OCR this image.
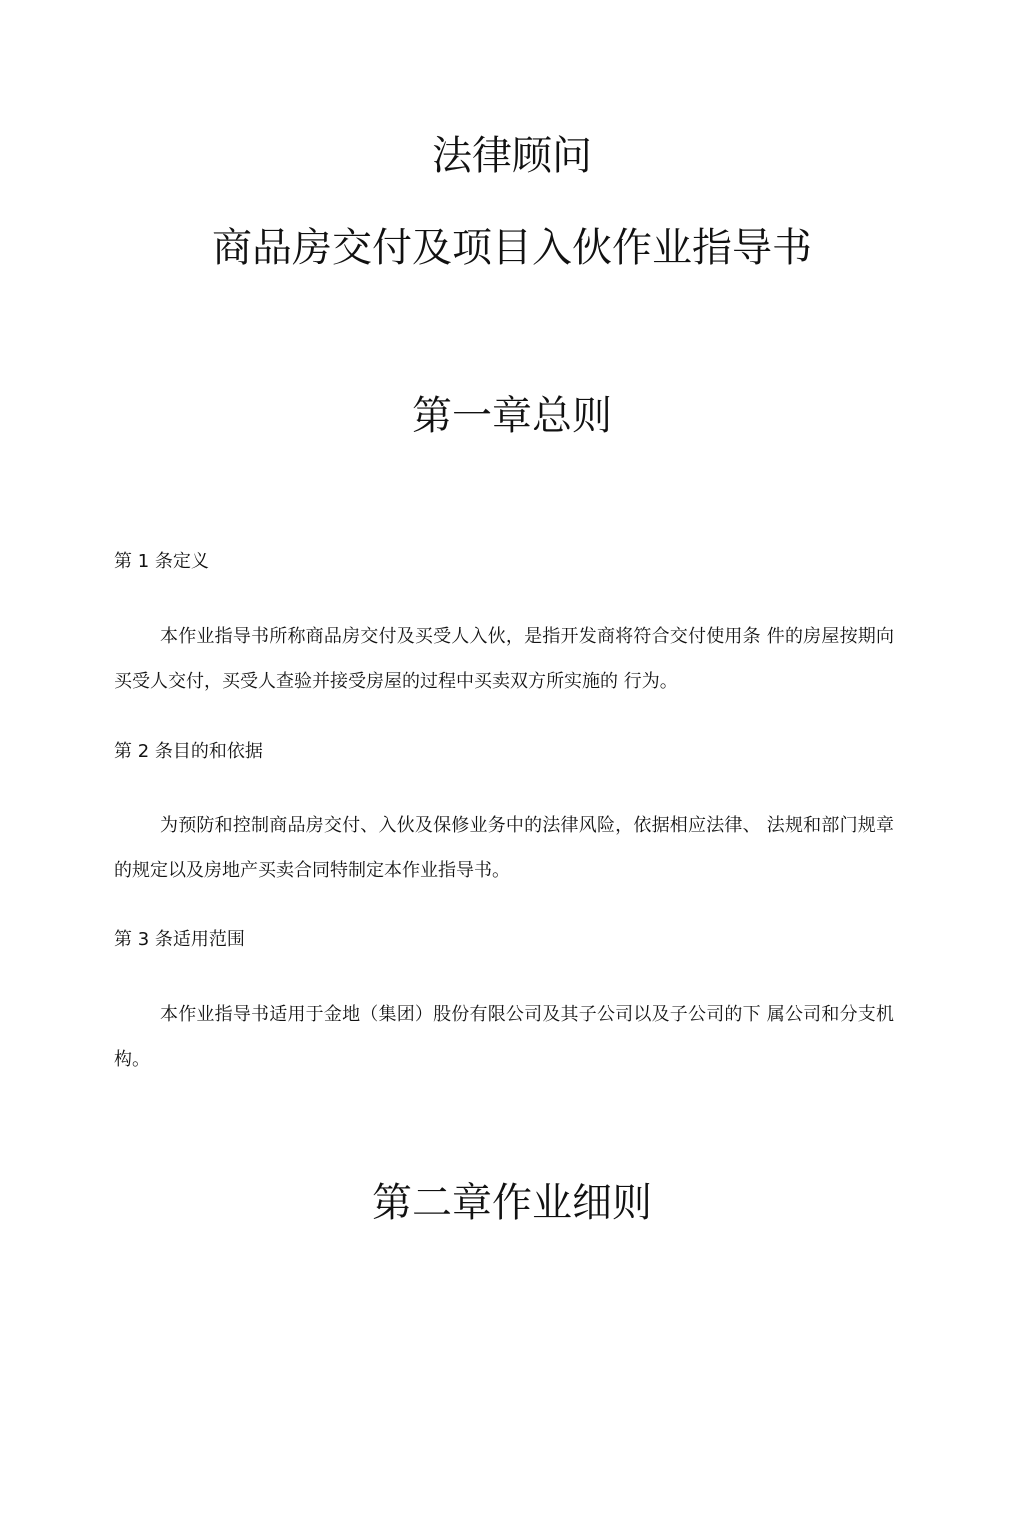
法律顾问
商品房交付及项目入伙作业指导书
第一章总则

第 1 条定义

本作业指导书所称商品房交付及买受人入伙，是指开发商将符合交付使用条 件的房屋按期向买受人交付，买受人查验并接受房屋的过程中买卖双方所实施的 行为。

第 2 条目的和依据

为预防和控制商品房交付、入伙及保修业务中的法律风险，依据相应法律、 法规和部门规章的规定以及房地产买卖合同特制定本作业指导书。

第 3 条适用范围

本作业指导书适用于金地（集团）股份有限公司及其子公司以及子公司的下 属公司和分支机构。

第二章作业细则
